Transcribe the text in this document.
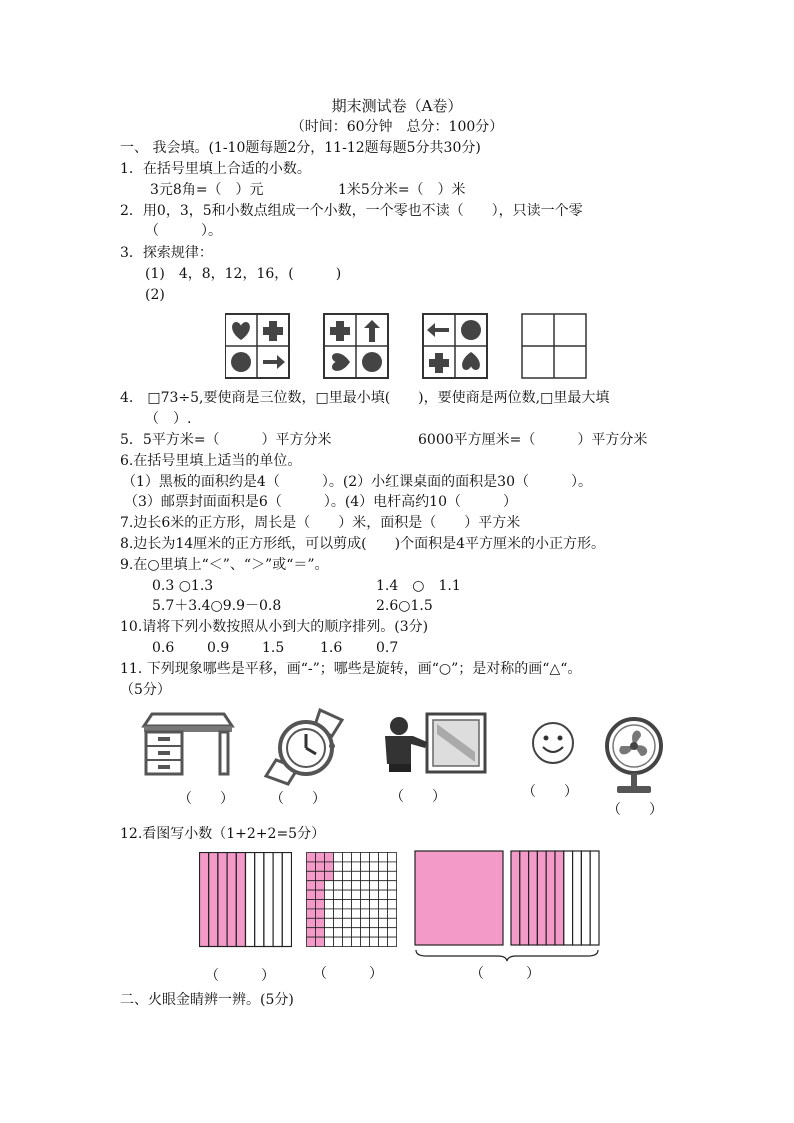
期末测试卷（A卷）
（时间：60分钟　总分：100分）
一、 我会填。(1-10题每题2分，11-12题每题5分共30分)
1．在括号里填上合适的小数。
3元8角=（　）元	1米5分米=（　）米
2．用0，3，5和小数点组成一个小数，一个零也不读（　　），只读一个零
（　　　）。
3．探索规律：
(1)　4，8，12，16，(　　　)
(2)
4.　□73÷5,要使商是三位数，□里最小填(　　)，要使商是两位数,□里最大填
（　）.
5．5平方米=（　　　）平方分米	6000平方厘米=（　　　）平方分米
6.在括号里填上适当的单位。
（1）黑板的面积约是4（　　　）。(2）小红课桌面的面积是30（　　　）。
（3）邮票封面面积是6（　　　）。(4）电杆高约10（　　　）
7.边长6米的正方形，周长是（　　）米，面积是（　　）平方米
8.边长为14厘米的正方形纸，可以剪成(　　)个面积是4平方厘米的小正方形。
9.在○里填上“＜”、“＞”或“＝”。
0.3 ○1.3	1.4　○　1.1
5.7＋3.4○9.9－0.8	2.6○1.5
10.请将下列小数按照从小到大的顺序排列。(3分)
0.6 0.9 1.5	1.6 0.7
11. 下列现象哪些是平移，画“-”；哪些是旋转，画“○”；是对称的画“△“。
（5分）
（　　）	（　　）	（　　）	（　　）
（　　）
12.看图写小数（1+2+2=5分）
（　　　）	（　　　）	（　　　）
二、火眼金睛辨一辨。(5分)
